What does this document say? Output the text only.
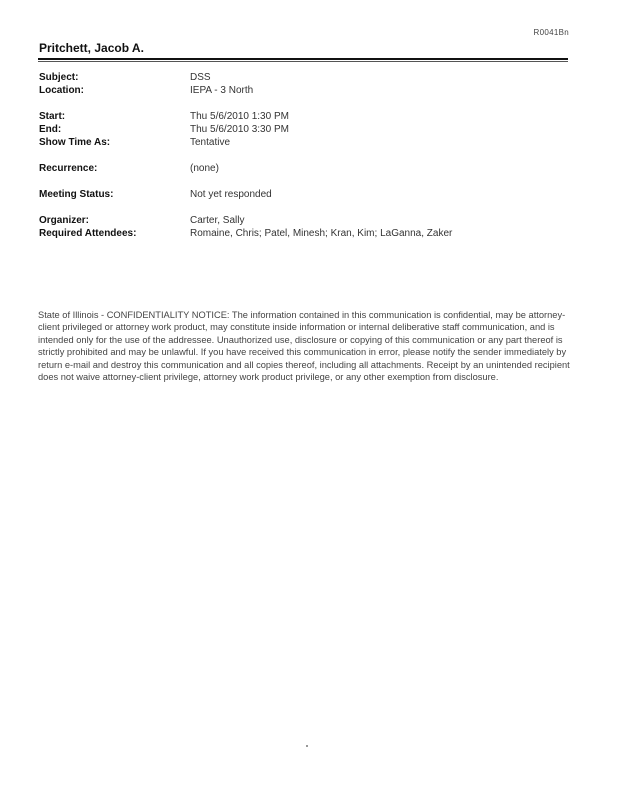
R0041Bn
Pritchett, Jacob A.
Subject:	DSS
Location:	IEPA - 3 North
Start:	Thu 5/6/2010 1:30 PM
End:	Thu 5/6/2010 3:30 PM
Show Time As:	Tentative
Recurrence:	(none)
Meeting Status:	Not yet responded
Organizer:	Carter, Sally
Required Attendees:	Romaine, Chris; Patel, Minesh; Kran, Kim; LaGanna, Zaker
State of Illinois - CONFIDENTIALITY NOTICE: The information contained in this communication is confidential, may be attorney-client privileged or attorney work product, may constitute inside information or internal deliberative staff communication, and is intended only for the use of the addressee. Unauthorized use, disclosure or copying of this communication or any part thereof is strictly prohibited and may be unlawful. If you have received this communication in error, please notify the sender immediately by return e-mail and destroy this communication and all copies thereof, including all attachments. Receipt by an unintended recipient does not waive attorney-client privilege, attorney work product privilege, or any other exemption from disclosure.
